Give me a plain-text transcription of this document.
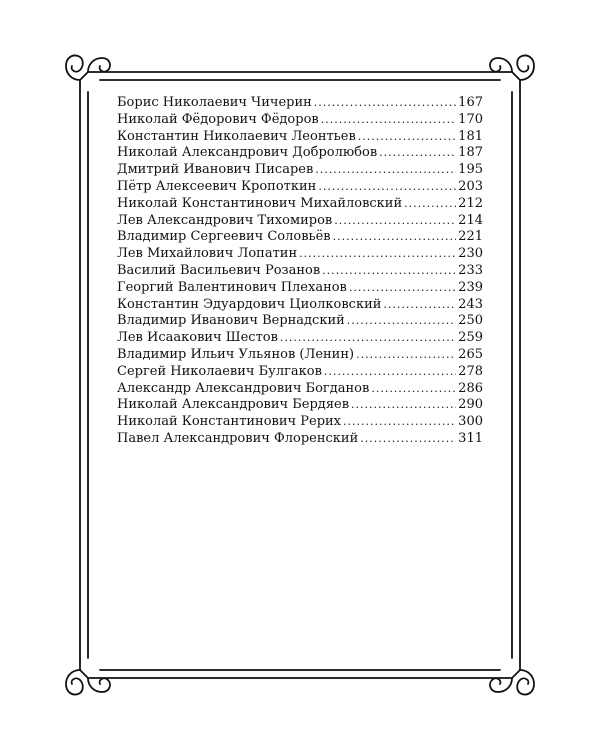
Борис Николаевич Чичерин .....	167
Николай Фёдорович Фёдоров .....	170
Константин Николаевич Леонтьев .....	181
Николай Александрович Добролюбов .....	187
Дмитрий Иванович Писарев .....	195
Пётр Алексеевич Кропоткин .....	203
Николай Константинович Михайловский .....	212
Лев Александрович Тихомиров .....	214
Владимир Сергеевич Соловьёв .....	221
Лев Михайлович Лопатин .....	230
Василий Васильевич Розанов .....	233
Георгий Валентинович Плеханов .....	239
Константин Эдуардович Циолковский .....	243
Владимир Иванович Вернадский .....	250
Лев Исаакович Шестов .....	259
Владимир Ильич Ульянов (Ленин) .....	265
Сергей Николаевич Булгаков .....	278
Александр Александрович Богданов .....	286
Николай Александрович Бердяев .....	290
Николай Константинович Рерих .....	300
Павел Александрович Флоренский .....	311
